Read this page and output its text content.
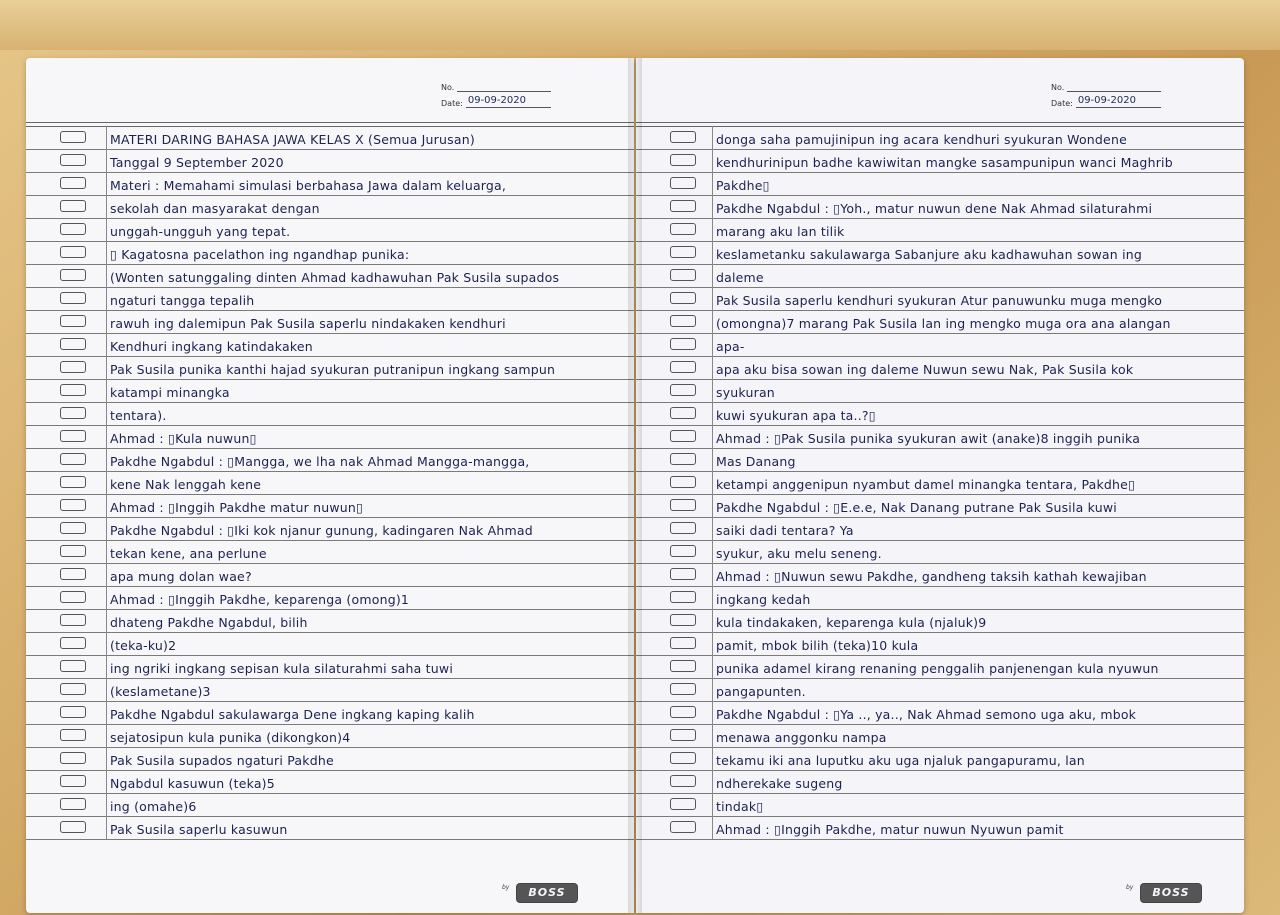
No.
Date: 09-09-2020
MATERI DARING BAHASA JAWA KELAS X (Semua Jurusan)
Tanggal 9 September 2020
Materi : Memahami simulasi berbahasa Jawa dalam keluarga,
sekolah dan masyarakat dengan
unggah-ungguh yang tepat.
▯ Kagatosna pacelathon ing ngandhap punika:
(Wonten satunggaling dinten Ahmad kadhawuhan Pak Susila supados
ngaturi tangga tepalih
rawuh ing dalemipun Pak Susila saperlu nindakaken kendhuri
Kendhuri ingkang katindakaken
Pak Susila punika kanthi hajad syukuran putranipun ingkang sampun
katampi minangka
tentara).
Ahmad : ▯Kula nuwun▯
Pakdhe Ngabdul : ▯Mangga, we lha nak Ahmad Mangga-mangga,
kene Nak lenggah kene
Ahmad : ▯Inggih Pakdhe matur nuwun▯
Pakdhe Ngabdul : ▯Iki kok njanur gunung, kadingaren Nak Ahmad
tekan kene, ana perlune
apa mung dolan wae?
Ahmad : ▯Inggih Pakdhe, keparenga (omong)1
dhateng Pakdhe Ngabdul, bilih
(teka-ku)2
ing ngriki ingkang sepisan kula silaturahmi saha tuwi
(keslametane)3
Pakdhe Ngabdul sakulawarga Dene ingkang kaping kalih
sejatosipun kula punika (dikongkon)4
Pak Susila supados ngaturi Pakdhe
Ngabdul kasuwun (teka)5
ing (omahe)6
Pak Susila saperlu kasuwun
by	BOSS
No.
Date: 09-09-2020
donga saha pamujinipun ing acara kendhuri syukuran Wondene
kendhurinipun badhe kawiwitan mangke sasampunipun wanci Maghrib
Pakdhe▯
Pakdhe Ngabdul : ▯Yoh., matur nuwun dene Nak Ahmad silaturahmi
marang aku lan tilik
keslametanku sakulawarga Sabanjure aku kadhawuhan sowan ing
daleme
Pak Susila saperlu kendhuri syukuran Atur panuwunku muga mengko
(omongna)7 marang Pak Susila lan ing mengko muga ora ana alangan
apa-
apa aku bisa sowan ing daleme Nuwun sewu Nak, Pak Susila kok
syukuran
kuwi syukuran apa ta..?▯
Ahmad : ▯Pak Susila punika syukuran awit (anake)8 inggih punika
Mas Danang
ketampi anggenipun nyambut damel minangka tentara, Pakdhe▯
Pakdhe Ngabdul : ▯E.e.e, Nak Danang putrane Pak Susila kuwi
saiki dadi tentara? Ya
syukur, aku melu seneng.
Ahmad : ▯Nuwun sewu Pakdhe, gandheng taksih kathah kewajiban
ingkang kedah
kula tindakaken, keparenga kula (njaluk)9
pamit, mbok bilih (teka)10 kula
punika adamel kirang renaning penggalih panjenengan kula nyuwun
pangapunten.
Pakdhe Ngabdul : ▯Ya .., ya.., Nak Ahmad semono uga aku, mbok
menawa anggonku nampa
tekamu iki ana luputku aku uga njaluk pangapuramu, lan
ndherekake sugeng
tindak▯
Ahmad : ▯Inggih Pakdhe, matur nuwun Nyuwun pamit
by	BOSS
